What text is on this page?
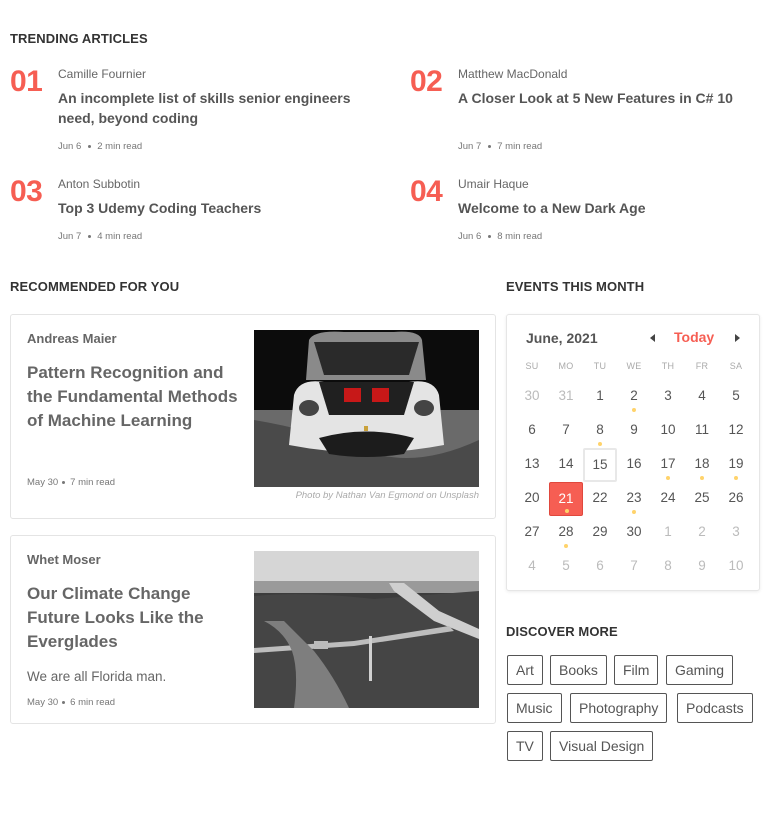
TRENDING ARTICLES
01 Camille Fournier
An incomplete list of skills senior engineers need, beyond coding
Jun 6 2 min read
02 Matthew MacDonald
A Closer Look at 5 New Features in C# 10
Jun 7 7 min read
03 Anton Subbotin
Top 3 Udemy Coding Teachers
Jun 7 4 min read
04 Umair Haque
Welcome to a New Dark Age
Jun 6 8 min read
RECOMMENDED FOR YOU
Andreas Maier
Pattern Recognition and the Fundamental Methods of Machine Learning
May 30 7 min read
Photo by Nathan Van Egmond on Unsplash
Whet Moser
Our Climate Change Future Looks Like the Everglades
We are all Florida man.
May 30 6 min read
EVENTS THIS MONTH
June, 2021	Today
SU	MO	TU	WE	TH	FR	SA
30	31	1	2	3	4	5
6	7	8	9	10	11	12
13	14	15	16	17	18	19
20	21	22	23	24	25	26
27	28	29	30	1	2	3
4	5	6	7	8	9	10
DISCOVER MORE
Art	Books	Film	Gaming
Music	Photography	Podcasts
TV	Visual Design
